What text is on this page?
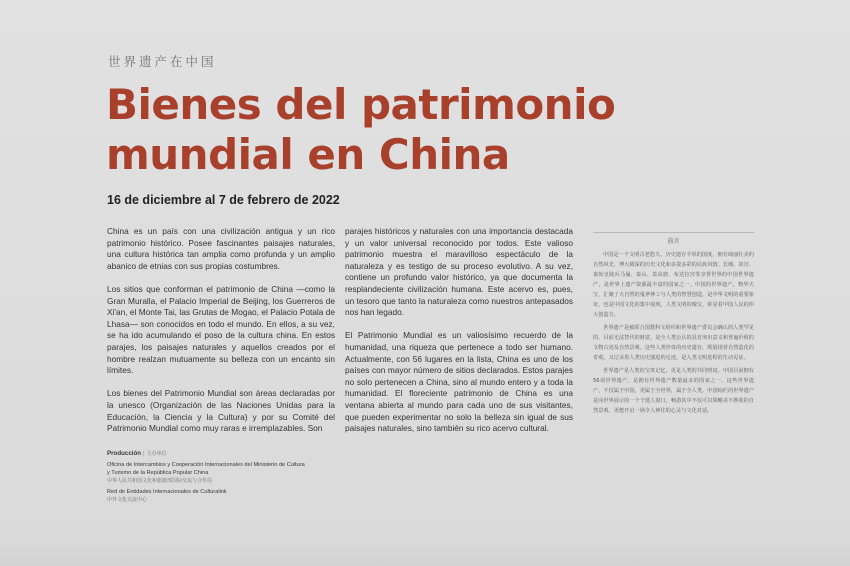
世界遗产在中国
Bienes del patrimonio mundial en China
16 de diciembre al 7 de febrero de 2022

China es un país con una civilización antigua y un rico patrimonio histórico. Posee fascinantes paisajes naturales, una cultura histórica tan amplia como profunda y un amplio abanico de etnias con sus propias costumbres.

Los sitios que conforman el patrimonio de China —como la Gran Muralla, el Palacio Imperial de Beijing, los Guerreros de Xi'an, el Monte Tai, las Grutas de Mogao, el Palacio Potala de Lhasa— son conocidos en todo el mundo. En ellos, a su vez, se ha ido acumulando el poso de la cultura china. En estos parajes, los paisajes naturales y aquellos creados por el hombre realzan mutuamente su belleza con un encanto sin límites.

Los bienes del Patrimonio Mundial son áreas declaradas por la unesco (Organización de las Naciones Unidas para la Educación, la Ciencia y la Cultura) y por su Comité del Patrimonio Mundial como muy raras e irremplazables. Son

parajes históricos y naturales con una importancia destacada y un valor universal reconocido por todos. Este valioso patrimonio muestra el maravilloso espectáculo de la naturaleza y es testigo de su proceso evolutivo. A su vez, contiene un profundo valor histórico, ya que documenta la resplandeciente civilización humana. Este acervo es, pues, un tesoro que tanto la naturaleza como nuestros antepasados nos han legado.

El Patrimonio Mundial es un valiosísimo recuerdo de la humanidad, una riqueza que pertenece a todo ser humano. Actualmente, con 56 lugares en la lista, China es uno de los países con mayor número de sitios declarados. Estos parajes no solo pertenecen a China, sino al mundo entero y a toda la humanidad. El floreciente patrimonio de China es una ventana abierta al mundo para cada uno de sus visitantes, que pueden experimentar no solo la belleza sin igual de sus paisajes naturales, sino también su rico acervo cultural.

前言

中国是一个文明古老悠久、历史遗存丰厚的国度，拥有绮丽壮美的自然风光、博大精深的历史文化和多姿多彩的民族风情。长城、故宫、秦始皇陵兵马俑、泰山、莫高窟、布达拉宫等享誉世界的中国世界遗产，是世界上遗产资源最丰富的国家之一。中国的世界遗产，物华天宝，汇聚了大自然的鬼斧神工与人类的智慧创造，是中华文明的重要象征，也是中国文化的集中展现，人类文明的瑰宝，彰显着中国人民的伟大创造力。

世界遗产是被联合国教科文组织和世界遗产委员会确认的人类罕见的、目前无法替代的财富，是全人类公认的具有突出意义和普遍价值的文物古迹及自然景观。这些人类珍贵的历史遗存，既展现着自然造化的奇观，又记录着人类历史演进的足迹，是人类文明进程的生动见证。

世界遗产是人类的宝贵记忆，更是人类的共同财富。中国目前拥有56项世界遗产，是拥有世界遗产数量最多的国家之一。这些世界遗产，不仅属于中国，更属于全世界，属于全人类。中国灿烂的世界遗产是向世界展示的一个个迷人窗口，畅游其中不仅可以领略美不胜收的自然景观，更能开启一场令人神往的心灵与文化对话。

Producción | 主办单位
Oficina de Intercambios y Cooperación Internacionales del Ministerio de Cultura y Turismo de la República Popular China
中华人民共和国文化和旅游部国际交流与合作局
Red de Entidades Internacionales de Culturalink
中外文化交流中心
